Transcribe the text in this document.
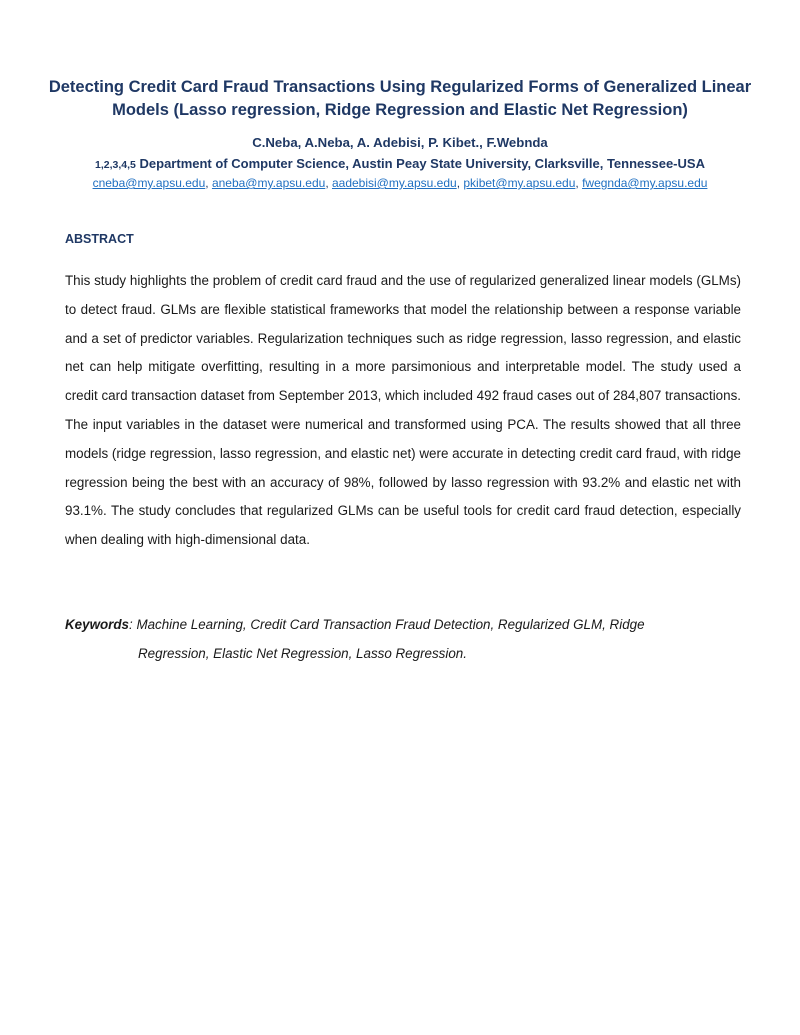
Detecting Credit Card Fraud Transactions Using Regularized Forms of Generalized Linear Models (Lasso regression, Ridge Regression and Elastic Net Regression)
C.Neba, A.Neba, A. Adebisi, P. Kibet., F.Webnda
1,2,3,4,5 Department of Computer Science, Austin Peay State University, Clarksville, Tennessee-USA
cneba@my.apsu.edu, aneba@my.apsu.edu, aadebisi@my.apsu.edu, pkibet@my.apsu.edu, fwegnda@my.apsu.edu
ABSTRACT

This study highlights the problem of credit card fraud and the use of regularized generalized linear models (GLMs) to detect fraud. GLMs are flexible statistical frameworks that model the relationship between a response variable and a set of predictor variables. Regularization techniques such as ridge regression, lasso regression, and elastic net can help mitigate overfitting, resulting in a more parsimonious and interpretable model. The study used a credit card transaction dataset from September 2013, which included 492 fraud cases out of 284,807 transactions. The input variables in the dataset were numerical and transformed using PCA. The results showed that all three models (ridge regression, lasso regression, and elastic net) were accurate in detecting credit card fraud, with ridge regression being the best with an accuracy of 98%, followed by lasso regression with 93.2% and elastic net with 93.1%. The study concludes that regularized GLMs can be useful tools for credit card fraud detection, especially when dealing with high-dimensional data.

Keywords: Machine Learning, Credit Card Transaction Fraud Detection, Regularized GLM, Ridge
Regression, Elastic Net Regression, Lasso Regression.
